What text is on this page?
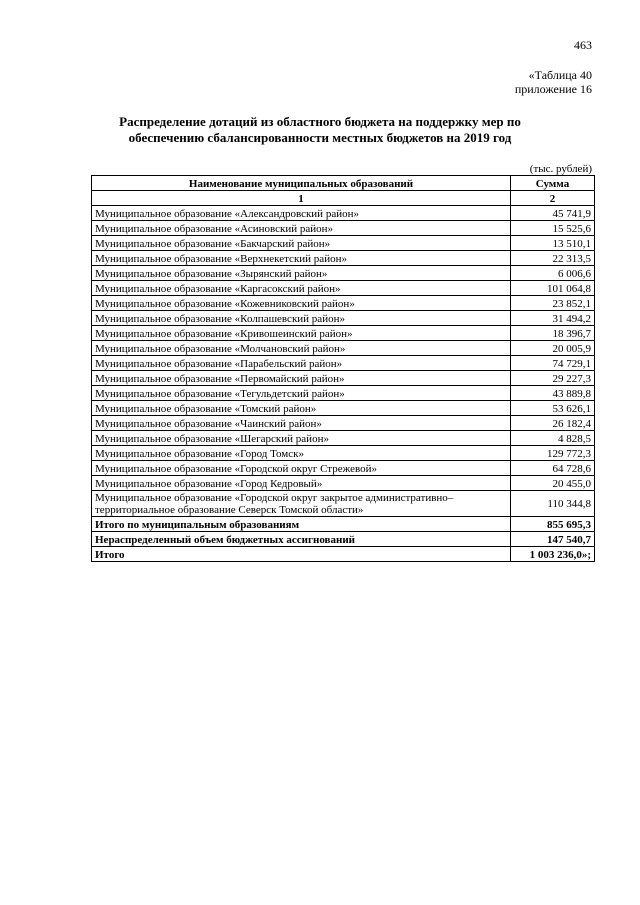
463
«Таблица 40
приложение 16
Распределение дотаций из областного бюджета на поддержку мер по
обеспечению сбалансированности местных бюджетов на 2019 год
(тыс. рублей)
Наименование муниципальных образований	Сумма
1	2
Муниципальное образование «Александровский район»	45 741,9
Муниципальное образование «Асиновский район»	15 525,6
Муниципальное образование «Бакчарский район»	13 510,1
Муниципальное образование «Верхнекетский район»	22 313,5
Муниципальное образование «Зырянский район»	6 006,6
Муниципальное образование «Каргасокский район»	101 064,8
Муниципальное образование «Кожевниковский район»	23 852,1
Муниципальное образование «Колпашевский район»	31 494,2
Муниципальное образование «Кривошеинский район»	18 396,7
Муниципальное образование «Молчановский район»	20 005,9
Муниципальное образование «Парабельский район»	74 729,1
Муниципальное образование «Первомайский район»	29 227,3
Муниципальное образование «Тегульдетский район»	43 889,8
Муниципальное образование «Томский район»	53 626,1
Муниципальное образование «Чаинский район»	26 182,4
Муниципальное образование «Шегарский район»	4 828,5
Муниципальное образование «Город Томск»	129 772,3
Муниципальное образование «Городской округ Стрежевой»	64 728,6
Муниципальное образование «Город Кедровый»	20 455,0
Муниципальное образование «Городской округ закрытое административно–территориальное образование Северск Томской области»	110 344,8
Итого по муниципальным образованиям	855 695,3
Нераспределенный объем бюджетных ассигнований	147 540,7
Итого	1 003 236,0»;
